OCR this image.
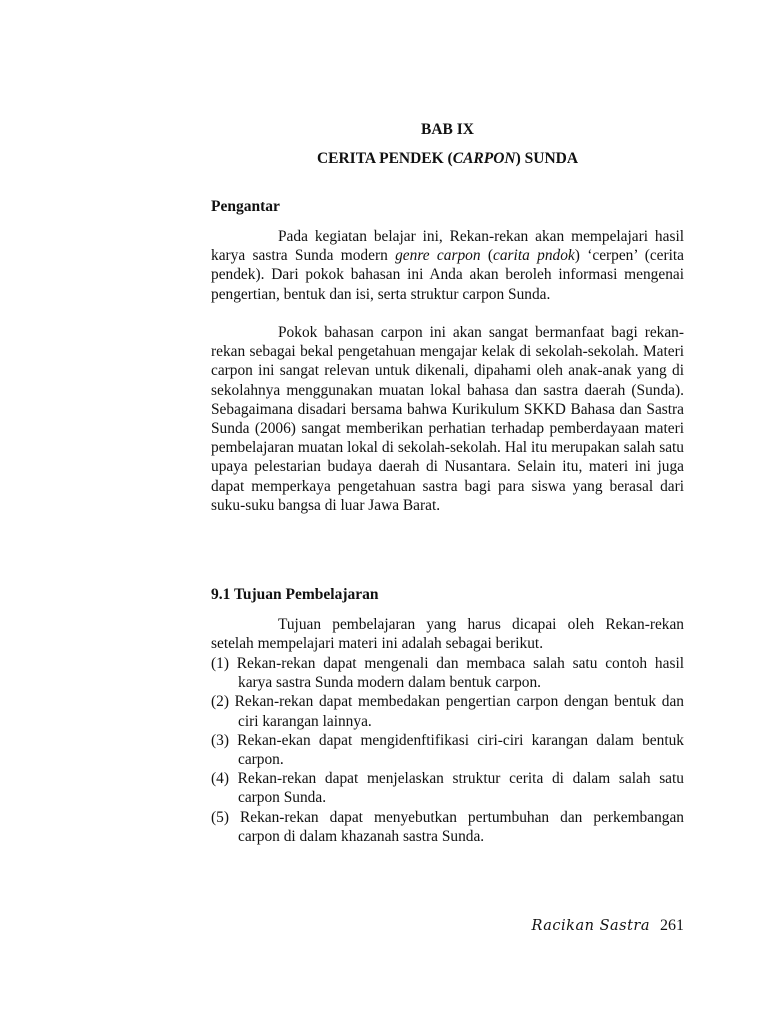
BAB IX
CERITA PENDEK (CARPON) SUNDA
Pengantar

Pada kegiatan belajar ini, Rekan-rekan akan mempelajari hasil karya sastra Sunda modern genre carpon (carita pndok) ‘cerpen’ (cerita pendek). Dari pokok bahasan ini Anda akan beroleh informasi mengenai pengertian, bentuk dan isi, serta struktur carpon Sunda.

Pokok bahasan carpon ini akan sangat bermanfaat bagi rekan-rekan sebagai bekal pengetahuan mengajar kelak di sekolah-sekolah. Materi carpon ini sangat relevan untuk dikenali, dipahami oleh anak-anak yang di sekolahnya menggunakan muatan lokal bahasa dan sastra daerah (Sunda). Sebagaimana disadari bersama bahwa Kurikulum SKKD Bahasa dan Sastra Sunda (2006) sangat memberikan perhatian terhadap pemberdayaan materi pembelajaran muatan lokal di sekolah-sekolah. Hal itu merupakan salah satu upaya pelestarian budaya daerah di Nusantara. Selain itu, materi ini juga dapat memperkaya pengetahuan sastra bagi para siswa yang berasal dari suku-suku bangsa di luar Jawa Barat.

9.1 Tujuan Pembelajaran

Tujuan pembelajaran yang harus dicapai oleh Rekan-rekan setelah mempelajari materi ini adalah sebagai berikut.

(1) Rekan-rekan dapat mengenali dan membaca salah satu contoh hasil karya sastra Sunda modern dalam bentuk carpon.
(2) Rekan-rekan dapat membedakan pengertian carpon dengan bentuk dan ciri karangan lainnya.
(3) Rekan-ekan dapat mengidenftifikasi ciri-ciri karangan dalam bentuk carpon.
(4) Rekan-rekan dapat menjelaskan struktur cerita di dalam salah satu carpon Sunda.
(5) Rekan-rekan dapat menyebutkan pertumbuhan dan perkembangan carpon di dalam khazanah sastra Sunda.
Racikan Sastra 261
